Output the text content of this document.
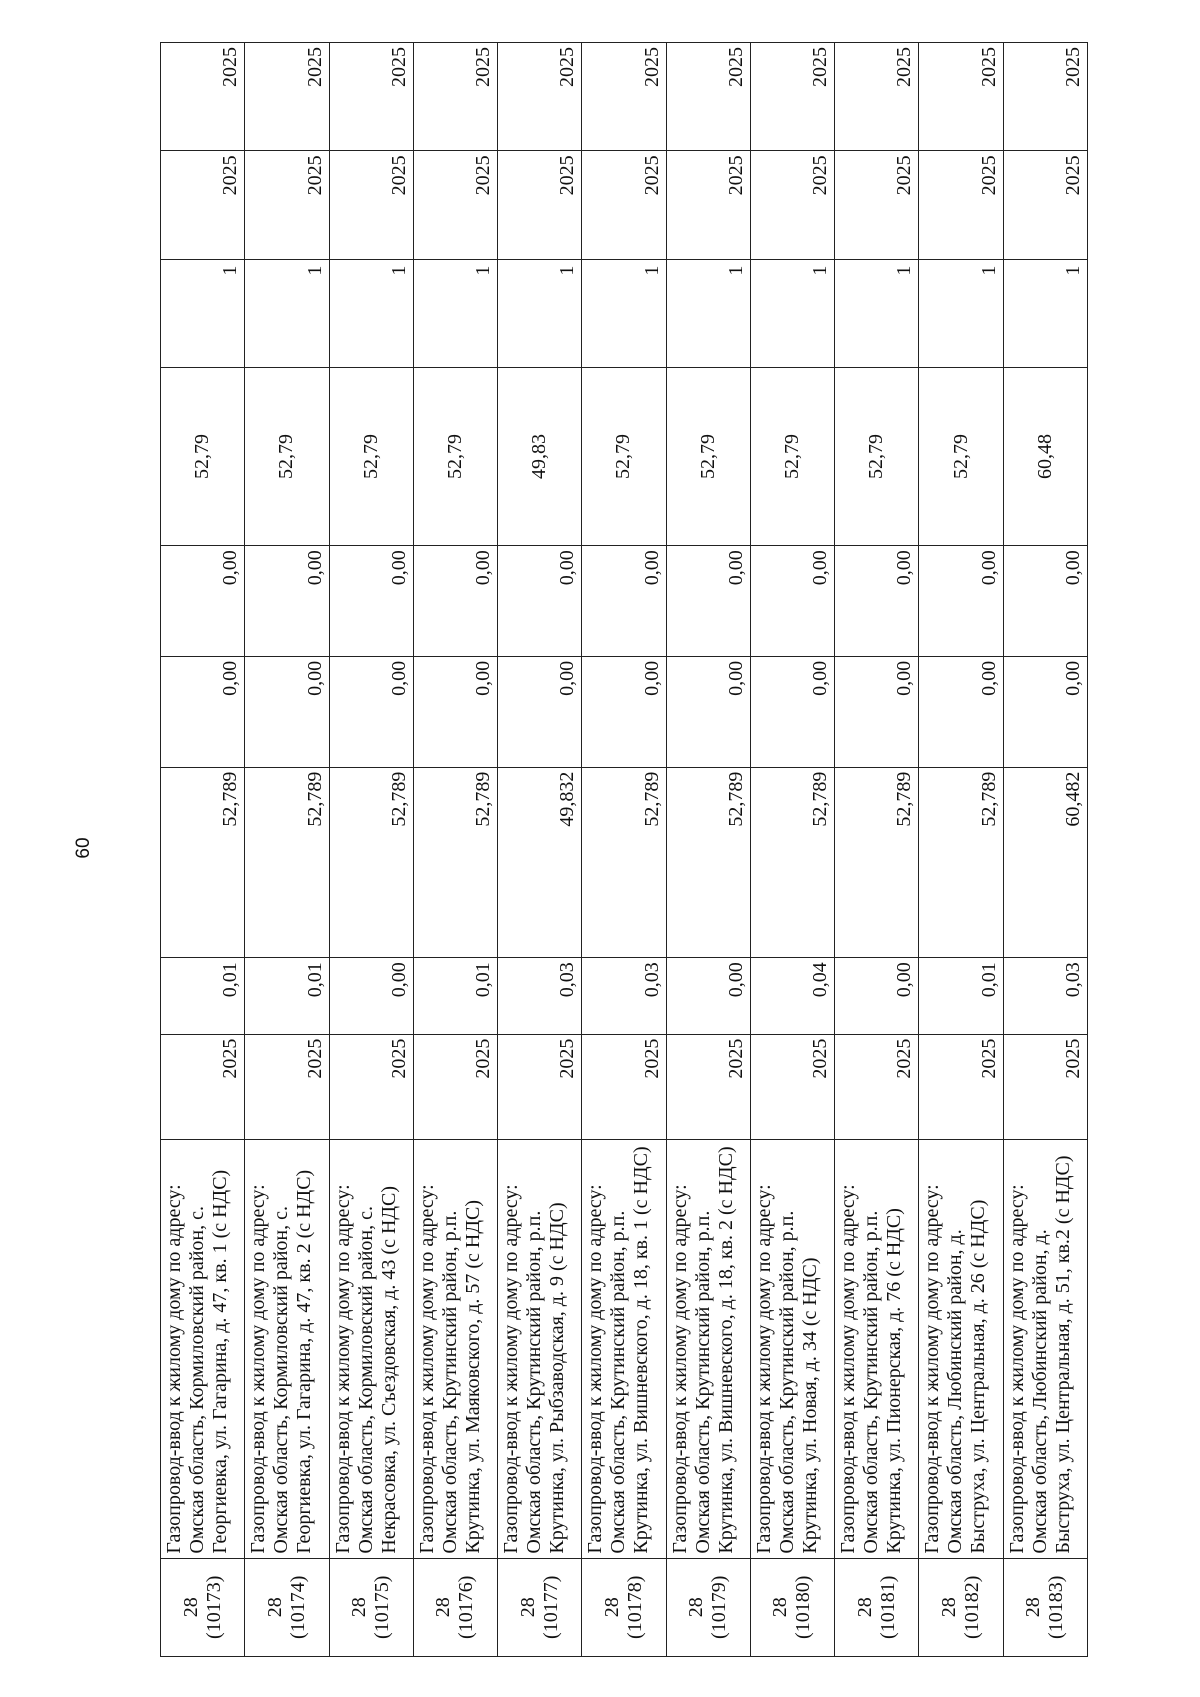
60
28
(10173)	Газопровод-ввод к жилому дому по адресу: Омская область, Кормиловский район, с. Георгиевка, ул. Гагарина, д. 47, кв. 1 (с НДС)	2025	0,01	52,789	0,00	0,00	52,79	1	2025	2025
28
(10174)	Газопровод-ввод к жилому дому по адресу: Омская область, Кормиловский район, с. Георгиевка, ул. Гагарина, д. 47, кв. 2 (с НДС)	2025	0,01	52,789	0,00	0,00	52,79	1	2025	2025
28
(10175)	Газопровод-ввод к жилому дому по адресу: Омская область, Кормиловский район, с. Некрасовка, ул. Съездовская, д. 43 (с НДС)	2025	0,00	52,789	0,00	0,00	52,79	1	2025	2025
28
(10176)	Газопровод-ввод к жилому дому по адресу: Омская область, Крутинский район, р.п. Крутинка, ул. Маяковского, д. 57 (с НДС)	2025	0,01	52,789	0,00	0,00	52,79	1	2025	2025
28
(10177)	Газопровод-ввод к жилому дому по адресу: Омская область, Крутинский район, р.п. Крутинка, ул. Рыбзаводская, д. 9 (с НДС)	2025	0,03	49,832	0,00	0,00	49,83	1	2025	2025
28
(10178)	Газопровод-ввод к жилому дому по адресу: Омская область, Крутинский район, р.п. Крутинка, ул. Вишневского, д. 18, кв. 1 (с НДС)	2025	0,03	52,789	0,00	0,00	52,79	1	2025	2025
28
(10179)	Газопровод-ввод к жилому дому по адресу: Омская область, Крутинский район, р.п. Крутинка, ул. Вишневского, д. 18, кв. 2 (с НДС)	2025	0,00	52,789	0,00	0,00	52,79	1	2025	2025
28
(10180)	Газопровод-ввод к жилому дому по адресу: Омская область, Крутинский район, р.п. Крутинка, ул. Новая, д. 34 (с НДС)	2025	0,04	52,789	0,00	0,00	52,79	1	2025	2025
28
(10181)	Газопровод-ввод к жилому дому по адресу: Омская область, Крутинский район, р.п. Крутинка, ул. Пионерская, д. 76 (с НДС)	2025	0,00	52,789	0,00	0,00	52,79	1	2025	2025
28
(10182)	Газопровод-ввод к жилому дому по адресу: Омская область, Любинский район, д. Быструха, ул. Центральная, д. 26 (с НДС)	2025	0,01	52,789	0,00	0,00	52,79	1	2025	2025
28
(10183)	Газопровод-ввод к жилому дому по адресу: Омская область, Любинский район, д. Быструха, ул. Центральная, д. 51, кв.2 (с НДС)	2025	0,03	60,482	0,00	0,00	60,48	1	2025	2025
